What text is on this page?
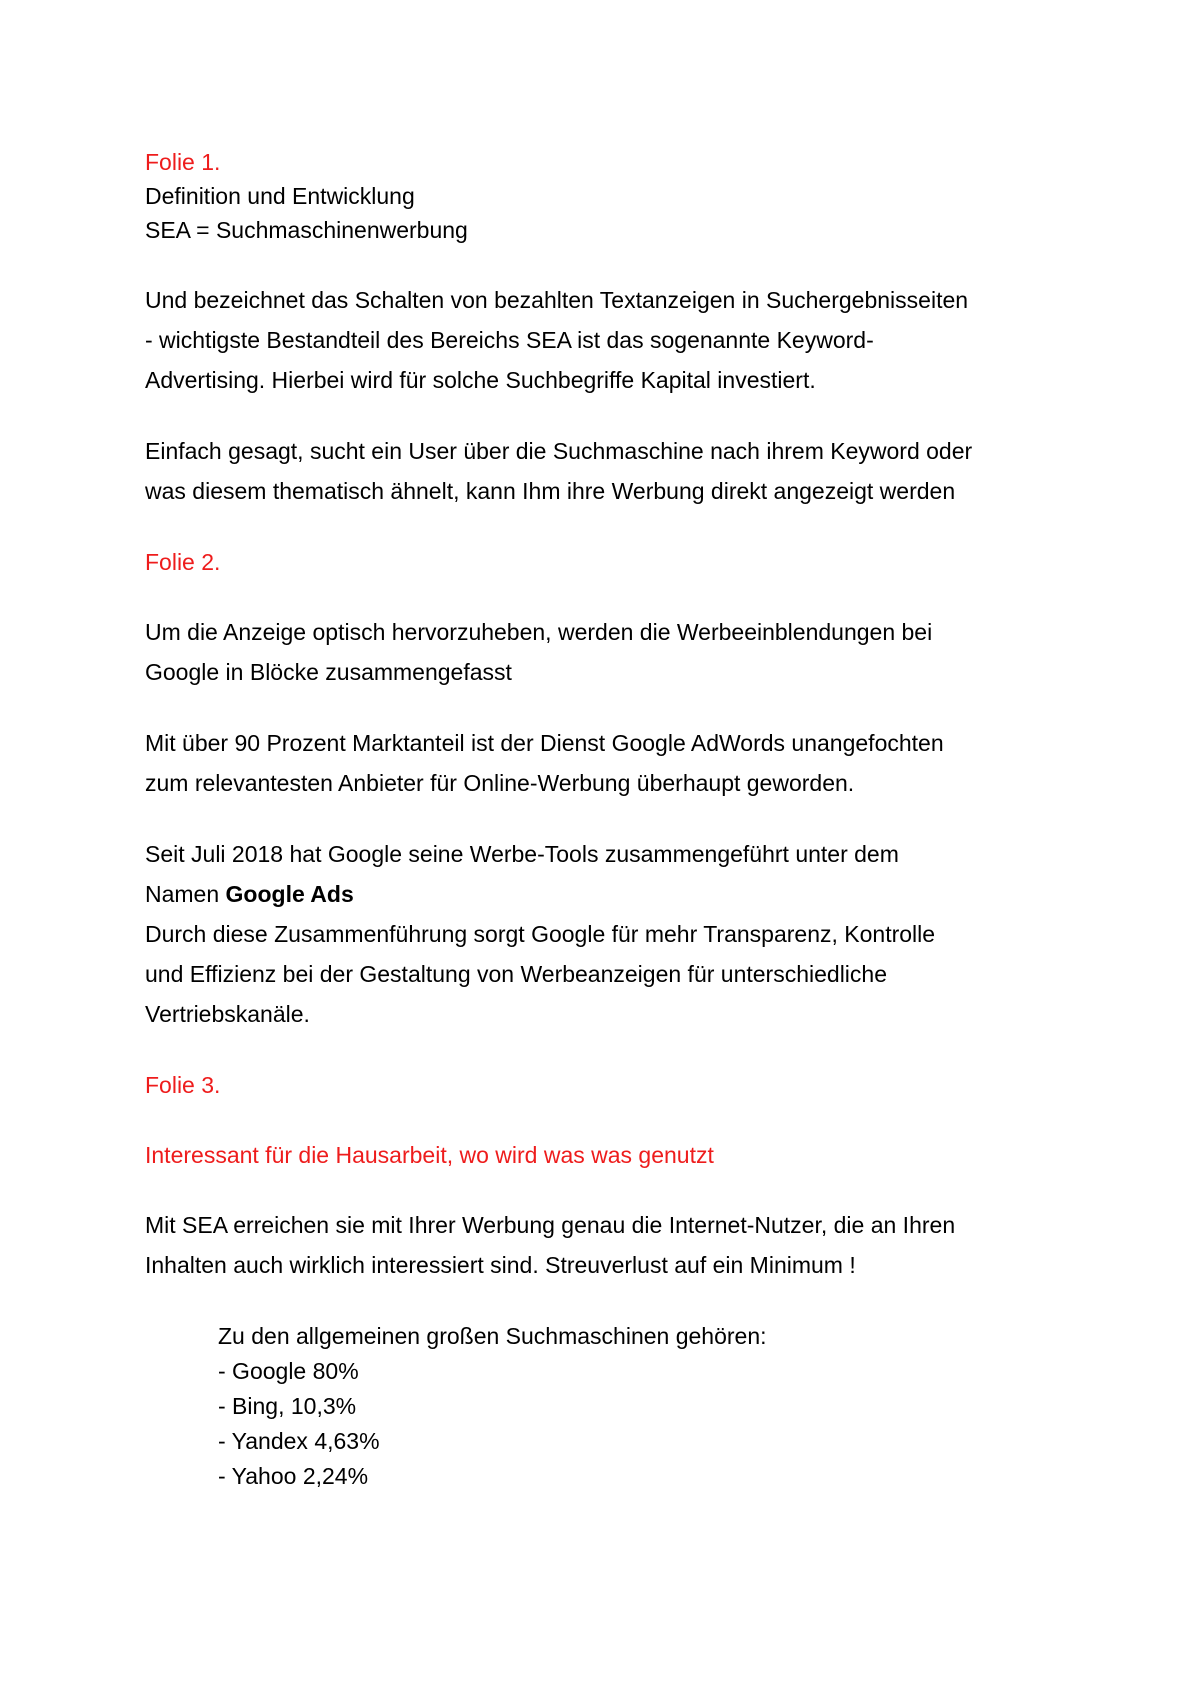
Folie 1.
Definition und Entwicklung
SEA = Suchmaschinenwerbung
Und bezeichnet das Schalten von bezahlten Textanzeigen in Suchergebnisseiten
- wichtigste Bestandteil des Bereichs SEA ist das sogenannte Keyword-
Advertising. Hierbei wird für solche Suchbegriffe Kapital investiert.
Einfach gesagt, sucht ein User über die Suchmaschine nach ihrem Keyword oder
was diesem thematisch ähnelt, kann Ihm ihre Werbung direkt angezeigt werden
Folie 2.
Um die Anzeige optisch hervorzuheben, werden die Werbeeinblendungen bei
Google in Blöcke zusammengefasst
Mit über 90 Prozent Marktanteil ist der Dienst Google AdWords unangefochten
zum relevantesten Anbieter für Online-Werbung überhaupt geworden.
Seit Juli 2018 hat Google seine Werbe-Tools zusammengeführt unter dem
Namen Google Ads
Durch diese Zusammenführung sorgt Google für mehr Transparenz, Kontrolle
und Effizienz bei der Gestaltung von Werbeanzeigen für unterschiedliche
Vertriebskanäle.
Folie 3.
Interessant für die Hausarbeit, wo wird was was genutzt
Mit SEA erreichen sie mit Ihrer Werbung genau die Internet-Nutzer, die an Ihren
Inhalten auch wirklich interessiert sind. Streuverlust auf ein Minimum !
Zu den allgemeinen großen Suchmaschinen gehören:
- Google 80%
- Bing, 10,3%
- Yandex 4,63%
- Yahoo 2,24%
